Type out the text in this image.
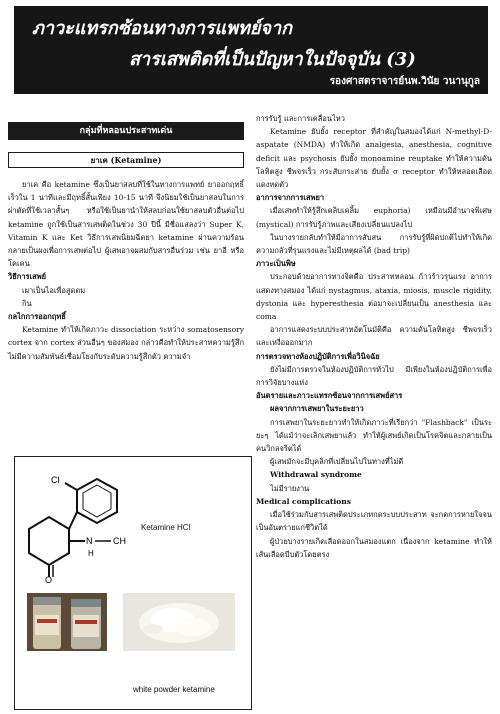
ภาวะแทรกซ้อนทางการแพทย์จาก
สารเสพติดที่เป็นปัญหาในปัจจุบัน (3)
รองศาสตราจารย์นพ.วินัย วนานุกูล
กลุ่มที่หลอนประสาทเด่น
ยาเค (Ketamine)

ยาเค คือ ketamine ซึ่งเป็นยาสลบที่ใช้ในทางการแพทย์ ยาออกฤทธิ์เร็วใน 1 นาทีและมีฤทธิ์สั้นเพียง 10-15 นาที จึงนิยมใช้เป็นยาสลบในการผ่าตัดที่ใช้เวลาสั้นๆ หรือใช้เป็นยานำให้สลบก่อนใช้ยาสลบตัวอื่นต่อไป ketamine ถูกใช้เป็นสารเสพติดในช่วง 30 ปีนี้ มีชื่อแสลงว่า Super K, Vitamin K และ Ket วิธีการเสพนิยมฉีดยา ketamine ผ่านความร้อนกลายเป็นผงเพื่อการเสพต่อไป ผู้เสพอาจผสมกับสารอื่นร่วม เช่น ยาอี หรือ โคเคน

วิธีการเสพย์
เผาเป็นไอเพื่อสูดดม
กิน
กลไกการออกฤทธิ์

Ketamine ทำให้เกิดภาวะ dissociation ระหว่าง somatosensory cortex จาก cortex ส่วนอื่นๆ ของสมอง กล่าวคือทำให้ประสาทความรู้สึกไม่มีความสัมพันธ์เชื่อมโยงกับระดับความรู้สึกตัว ความจำ

Cl
O
N
H
CH
Ketamine HCl
white powder ketamine

การรับรู้ และการเคลื่อนไหว

Ketamine ยับยั้ง receptor ที่สำคัญในสมองได้แก่ N-methyl-D-aspatate (NMDA) ทำให้เกิด analgesia, anesthesia, cognitive deficit และ psychosis ยับยั้ง monoamine reuptake ทำให้ความดันโลหิตสูง ชีพจรเร็ว กระสับกระส่าย ยับยั้ง σ receptor ทำให้หลอดเลือดแดงหดตัว

อาการจากการเสพยา

เมื่อเสพทำให้รู้สึกเคลิบเคลิ้ม euphoria) เหมือนมีอำนาจพิเศษ (mystical) การรับรู้ภาพและเสียงเปลี่ยนแปลงไป

ในบางรายกลับทำให้มีอาการสับสน การรับรู้ที่ผิดปกติไปทำให้เกิดความกลัวที่รุนแรงและไม่มีเหตุผลได้ (bad trip)

ภาวะเป็นพิษ

ประกอบด้วยอาการทางจิตคือ ประสาทหลอน ก้าวร้าวรุนแรง อาการแสดงทางสมอง ได้แก่ nystagmus, ataxia, miosis, muscle rigidity, dystonia และ hyperesthesia ต่อมาจะเปลี่ยนเป็น anesthesia และ coma

อาการแสดงระบบประสาทอัตโนมัติคือ ความดันโลหิตสูง ชีพจรเร็ว และเหงื่อออกมาก

การตรวจทางห้องปฏิบัติการเพื่อวินิจฉัย

ยังไม่มีการตรวจในห้องปฏิบัติการทั่วไป มีเพียงในห้องปฏิบัติการเพื่อการวิจัยบางแห่ง

อันตรายและภาวะแทรกซ้อนจากการเสพย์สาร
ผลจากการเสพยาในระยะยาว

การเสพยาในระยะยาวทำให้เกิดภาวะที่เรียกว่า "Flashback" เป็นระยะๆ ได้แม้ว่าจะเลิกเสพยาแล้ว ทำให้ผู้เสพย์เกิดเป็นโรคจิตและกลายเป็นคนวิกลจริตได้

ผู้เสพมักจะมีบุคลิกที่เปลี่ยนไปในทางที่ไม่ดี

Withdrawal syndrome

ไม่มีรายงาน

Medical complications

เมื่อใช้ร่วมกับสารเสพติดประเภทกดระบบประสาท จะกดการหายใจจนเป็นอันตรายแก่ชีวิตได้

ผู้ป่วยบางรายเกิดเลือดออกในสมองแตก เนื่องจาก ketamine ทำให้เส้นเลือดบีบตัวโดยตรง
